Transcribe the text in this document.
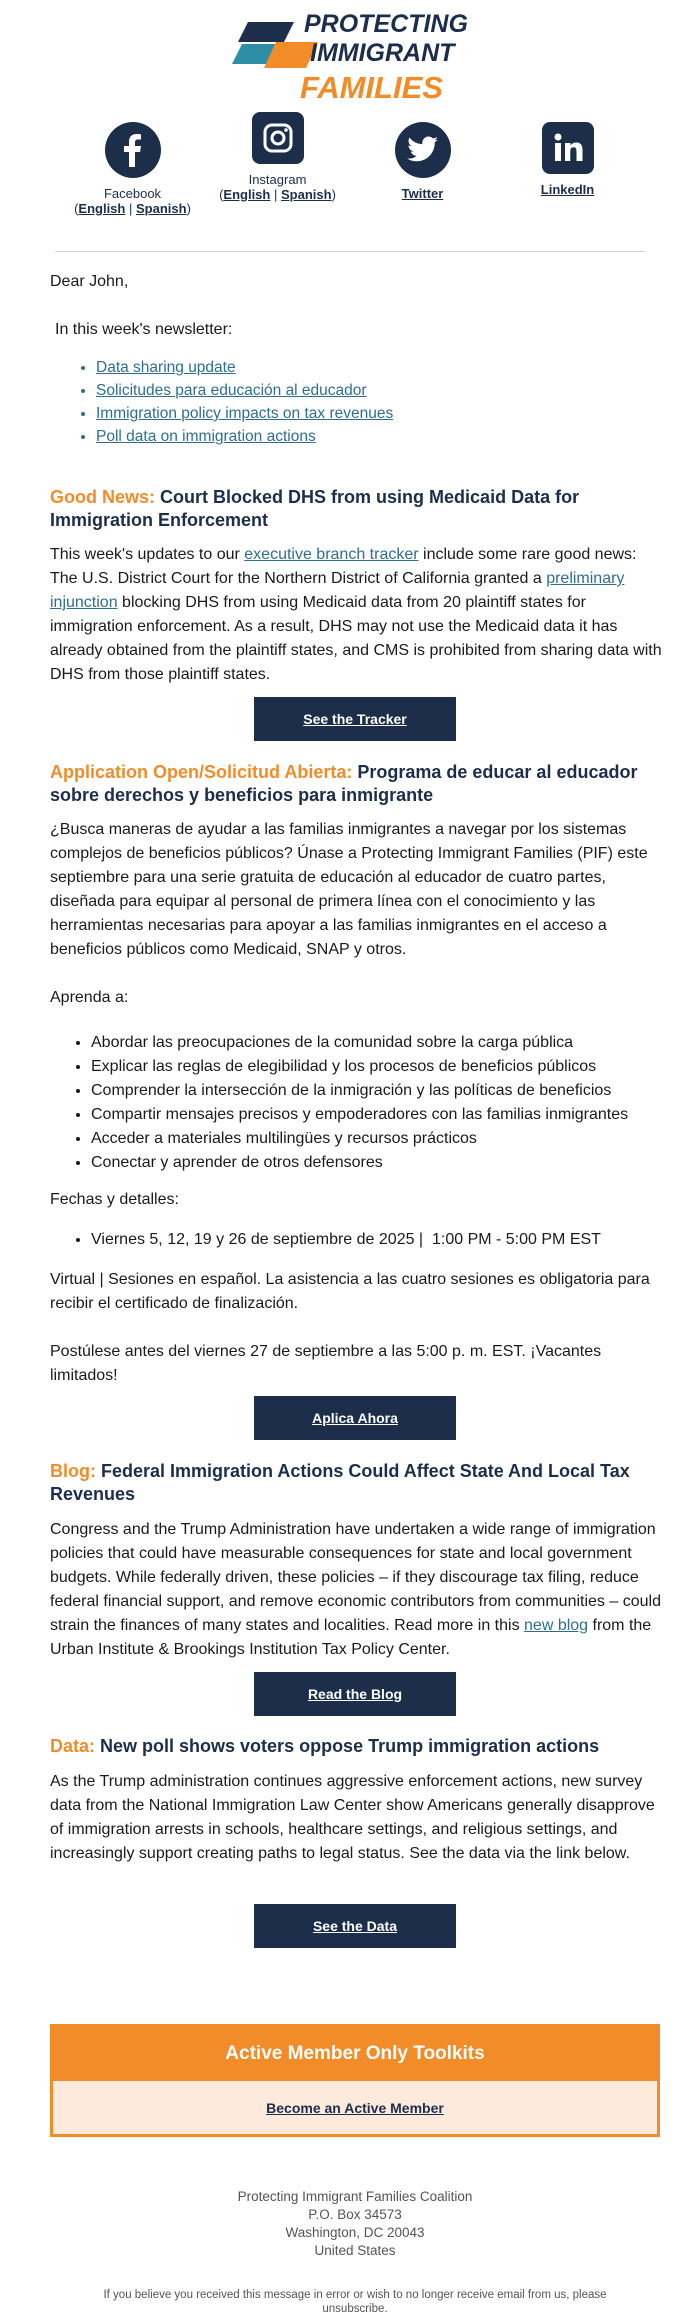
PROTECTING
IMMIGRANT
FAMILIES
Facebook
(English | Spanish)
Instagram
(English | Spanish)	Twitter	LinkedIn
Dear John,
In this week's newsletter:
• Data sharing update
• Solicitudes para educación al educador
• Immigration policy impacts on tax revenues
• Poll data on immigration actions
Good News: Court Blocked DHS from using Medicaid Data for Immigration Enforcement

This week's updates to our executive branch tracker include some rare good news: The U.S. District Court for the Northern District of California granted a preliminary injunction blocking DHS from using Medicaid data from 20 plaintiff states for immigration enforcement. As a result, DHS may not use the Medicaid data it has already obtained from the plaintiff states, and CMS is prohibited from sharing data with DHS from those plaintiff states.

See the Tracker
Application Open/Solicitud Abierta: Programa de educar al educador sobre derechos y beneficios para inmigrante

¿Busca maneras de ayudar a las familias inmigrantes a navegar por los sistemas complejos de beneficios públicos? Únase a Protecting Immigrant Families (PIF) este septiembre para una serie gratuita de educación al educador de cuatro partes, diseñada para equipar al personal de primera línea con el conocimiento y las herramientas necesarias para apoyar a las familias inmigrantes en el acceso a beneficios públicos como Medicaid, SNAP y otros.

Aprenda a:

• Abordar las preocupaciones de la comunidad sobre la carga pública
• Explicar las reglas de elegibilidad y los procesos de beneficios públicos
• Comprender la intersección de la inmigración y las políticas de beneficios
• Compartir mensajes precisos y empoderadores con las familias inmigrantes
• Acceder a materiales multilingües y recursos prácticos
• Conectar y aprender de otros defensores
Fechas y detalles:
• Viernes 5, 12, 19 y 26 de septiembre de 2025 |  1:00 PM - 5:00 PM EST

Virtual | Sesiones en español. La asistencia a las cuatro sesiones es obligatoria para recibir el certificado de finalización.

Postúlese antes del viernes 27 de septiembre a las 5:00 p. m. EST. ¡Vacantes limitados!

Aplica Ahora
Blog: Federal Immigration Actions Could Affect State And Local Tax Revenues

Congress and the Trump Administration have undertaken a wide range of immigration policies that could have measurable consequences for state and local government budgets. While federally driven, these policies – if they discourage tax filing, reduce federal financial support, and remove economic contributors from communities – could strain the finances of many states and localities. Read more in this new blog from the Urban Institute & Brookings Institution Tax Policy Center.

Read the Blog
Data: New poll shows voters oppose Trump immigration actions

As the Trump administration continues aggressive enforcement actions, new survey data from the National Immigration Law Center show Americans generally disapprove of immigration arrests in schools, healthcare settings, and religious settings, and increasingly support creating paths to legal status. See the data via the link below.

See the Data
Active Member Only Toolkits
Become an Active Member
Protecting Immigrant Families Coalition
P.O. Box 34573
Washington, DC 20043
United States
If you believe you received this message in error or wish to no longer receive email from us, please unsubscribe.
